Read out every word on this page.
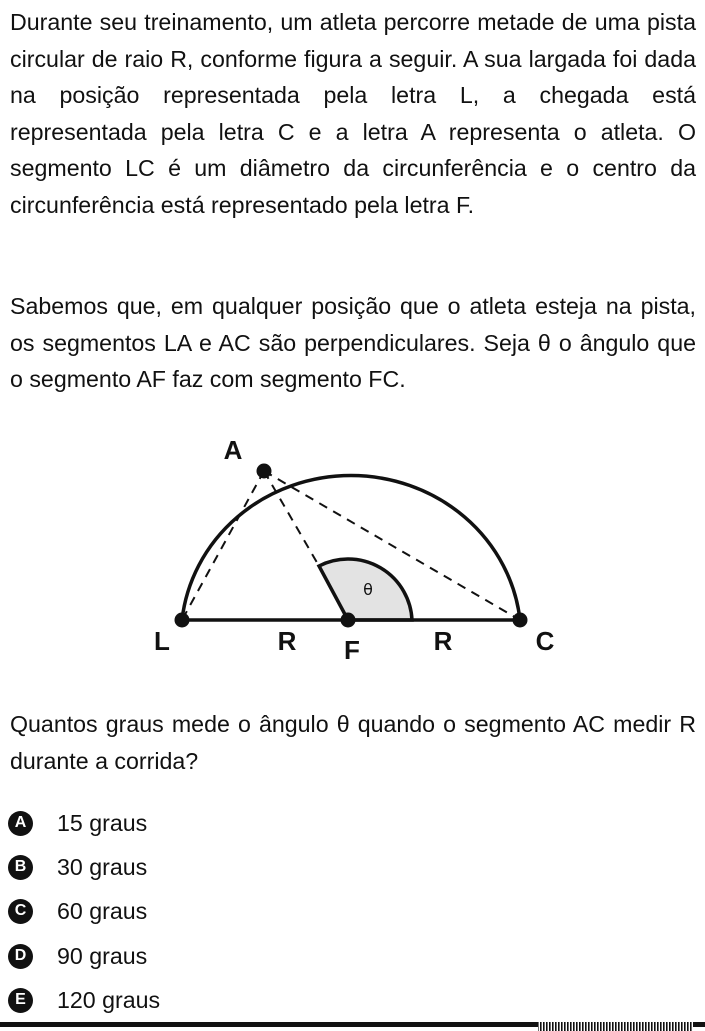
Durante seu treinamento, um atleta percorre metade de uma pista circular de raio R, conforme figura a seguir. A sua largada foi dada na posição representada pela letra L, a chegada está representada pela letra C e a letra A representa o atleta. O segmento LC é um diâmetro da circunferência e o centro da circunferência está representado pela letra F.

Sabemos que, em qualquer posição que o atleta esteja na pista, os segmentos LA e AC são perpendiculares. Seja θ o ângulo que o segmento AF faz com segmento FC.

A
L	R F	R	C
θ

Quantos graus mede o ângulo θ quando o segmento AC medir R durante a corrida?

A 15 graus
B 30 graus
C 60 graus
D 90 graus
E	120 graus
